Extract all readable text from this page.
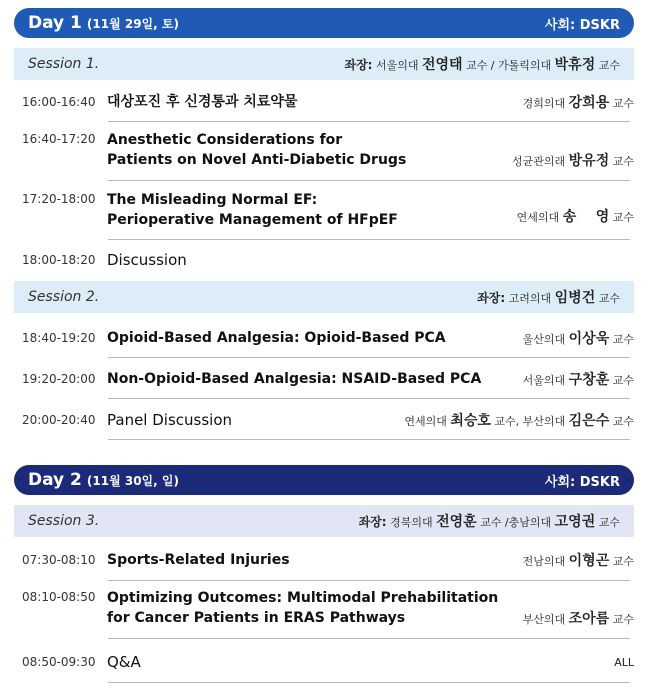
Day 1 (11월 29일, 토)	사회: DSKR
Session 1.	좌장: 서울의대 전영태 교수 / 가톨릭의대 박휴정 교수
16:00-16:40 대상포진 후 신경통과 치료약물	경희의대 강희용 교수
16:40-17:20 Anesthetic Considerations for
Patients on Novel Anti-Diabetic Drugs	성균관의래 방유정 교수
17:20-18:00 The Misleading Normal EF:
Perioperative Management of HFpEF	연세의대 송    영 교수
18:00-18:20 Discussion
Session 2.	좌장: 고려의대 임병건 교수
18:40-19:20 Opioid-Based Analgesia: Opioid-Based PCA	울산의대 이상욱 교수
19:20-20:00 Non-Opioid-Based Analgesia: NSAID-Based PCA	서울의대 구창훈 교수
20:00-20:40 Panel Discussion	연세의대 최승호 교수, 부산의대 김은수 교수
Day 2 (11월 30일, 일)	사회: DSKR
Session 3.	좌장: 경북의대 전영훈 교수 /충남의대 고영권 교수
07:30-08:10 Sports-Related Injuries	전남의대 이형곤 교수
08:10-08:50 Optimizing Outcomes: Multimodal Prehabilitation
for Cancer Patients in ERAS Pathways	부산의대 조아름 교수
08:50-09:30 Q&A	ALL
